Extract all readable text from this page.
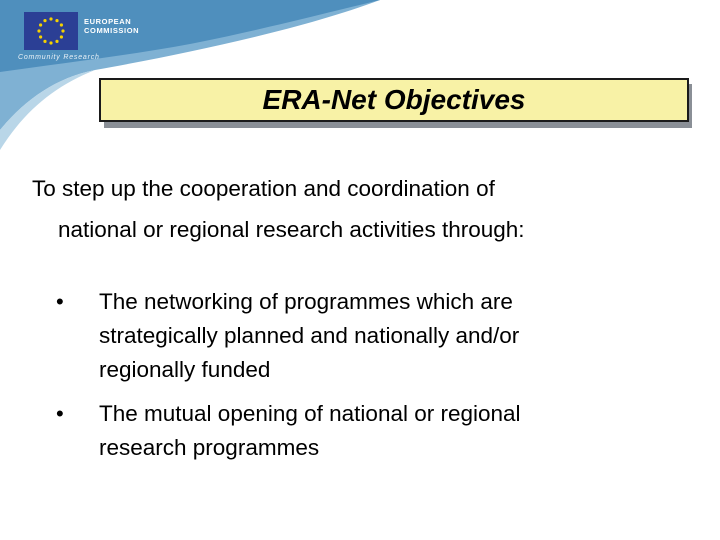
EUROPEAN
COMMISSION
Community Research
ERA-Net Objectives
To step up the cooperation and coordination of
national or regional research activities through:
• The networking of programmes which are
strategically planned and nationally and/or
regionally funded
• The mutual opening of national or regional
research programmes
